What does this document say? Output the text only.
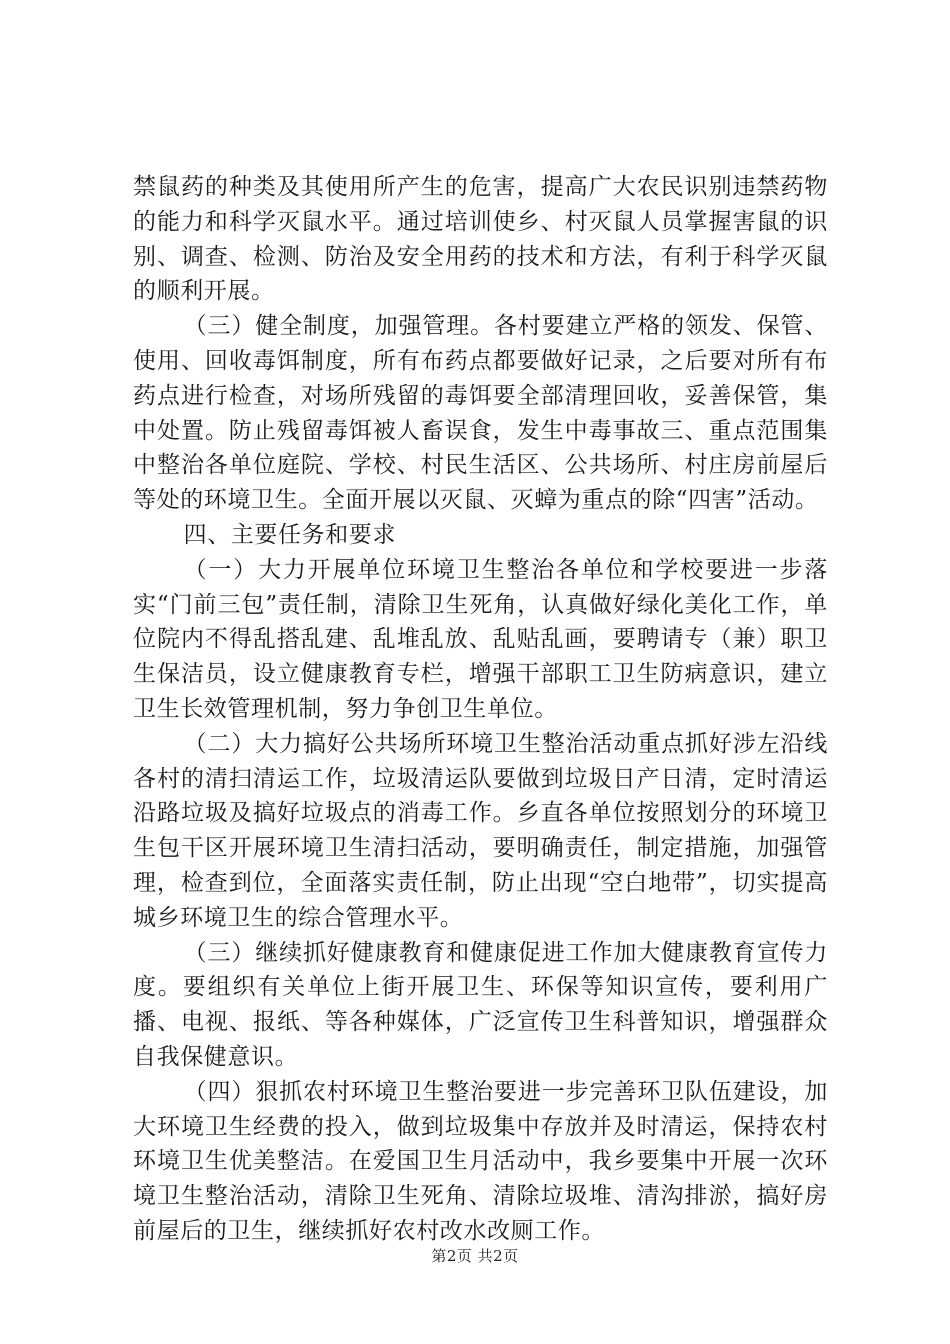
禁鼠药的种类及其使用所产生的危害，提高广大农民识别违禁药物的能力和科学灭鼠水平。通过培训使乡、村灭鼠人员掌握害鼠的识别、调查、检测、防治及安全用药的技术和方法，有利于科学灭鼠的顺利开展。

（三）健全制度，加强管理。各村要建立严格的领发、保管、使用、回收毒饵制度，所有布药点都要做好记录，之后要对所有布药点进行检查，对场所残留的毒饵要全部清理回收，妥善保管，集中处置。防止残留毒饵被人畜误食，发生中毒事故三、重点范围集中整治各单位庭院、学校、村民生活区、公共场所、村庄房前屋后等处的环境卫生。全面开展以灭鼠、灭蟑为重点的除“四害”活动。

四、主要任务和要求

（一）大力开展单位环境卫生整治各单位和学校要进一步落实“门前三包”责任制，清除卫生死角，认真做好绿化美化工作，单位院内不得乱搭乱建、乱堆乱放、乱贴乱画，要聘请专（兼）职卫生保洁员，设立健康教育专栏，增强干部职工卫生防病意识，建立卫生长效管理机制，努力争创卫生单位。

（二）大力搞好公共场所环境卫生整治活动重点抓好涉左沿线各村的清扫清运工作，垃圾清运队要做到垃圾日产日清，定时清运沿路垃圾及搞好垃圾点的消毒工作。乡直各单位按照划分的环境卫生包干区开展环境卫生清扫活动，要明确责任，制定措施，加强管理，检查到位，全面落实责任制，防止出现“空白地带”，切实提高城乡环境卫生的综合管理水平。

（三）继续抓好健康教育和健康促进工作加大健康教育宣传力度。要组织有关单位上街开展卫生、环保等知识宣传，要利用广播、电视、报纸、等各种媒体，广泛宣传卫生科普知识，增强群众自我保健意识。

（四）狠抓农村环境卫生整治要进一步完善环卫队伍建设，加大环境卫生经费的投入，做到垃圾集中存放并及时清运，保持农村环境卫生优美整洁。在爱国卫生月活动中，我乡要集中开展一次环境卫生整治活动，清除卫生死角、清除垃圾堆、清沟排淤，搞好房前屋后的卫生，继续抓好农村改水改厕工作。

第2页 共2页
